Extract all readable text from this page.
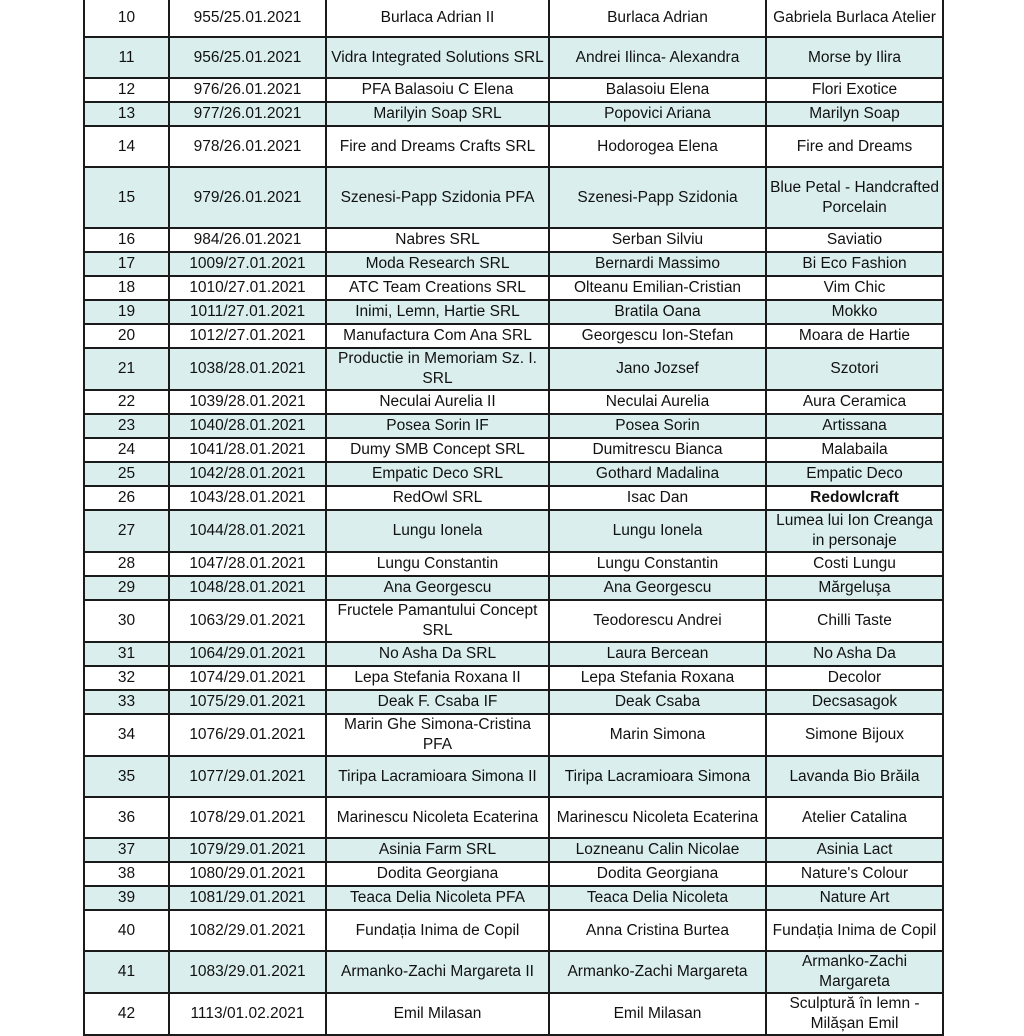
10	955/25.01.2021	Burlaca Adrian II	Burlaca Adrian	Gabriela Burlaca Atelier
11	956/25.01.2021	Vidra Integrated Solutions SRL	Andrei Ilinca- Alexandra	Morse by Ilira
12	976/26.01.2021	PFA Balasoiu C Elena	Balasoiu Elena	Flori Exotice
13	977/26.01.2021	Marilyin Soap SRL	Popovici Ariana	Marilyn Soap
14	978/26.01.2021	Fire and Dreams Crafts SRL	Hodorogea Elena	Fire and Dreams
15	979/26.01.2021	Szenesi-Papp Szidonia PFA	Szenesi-Papp Szidonia	Blue Petal - Handcrafted Porcelain
16	984/26.01.2021	Nabres SRL	Serban Silviu	Saviatio
17	1009/27.01.2021	Moda Research SRL	Bernardi Massimo	Bi Eco Fashion
18	1010/27.01.2021	ATC Team Creations SRL	Olteanu Emilian-Cristian	Vim Chic
19	1011/27.01.2021	Inimi, Lemn, Hartie SRL	Bratila Oana	Mokko
20	1012/27.01.2021	Manufactura Com Ana SRL	Georgescu Ion-Stefan	Moara de Hartie
21	1038/28.01.2021	Productie in Memoriam Sz. I. SRL	Jano Jozsef	Szotori
22	1039/28.01.2021	Neculai Aurelia II	Neculai Aurelia	Aura Ceramica
23	1040/28.01.2021	Posea Sorin IF	Posea Sorin	Artissana
24	1041/28.01.2021	Dumy SMB Concept SRL	Dumitrescu Bianca	Malabaila
25	1042/28.01.2021	Empatic Deco SRL	Gothard Madalina	Empatic Deco
26	1043/28.01.2021	RedOwl SRL	Isac Dan	Redowlcraft
27	1044/28.01.2021	Lungu Ionela	Lungu Ionela	Lumea lui Ion Creanga in personaje
28	1047/28.01.2021	Lungu Constantin	Lungu Constantin	Costi Lungu
29	1048/28.01.2021	Ana Georgescu	Ana Georgescu	Mărgeluşa
30	1063/29.01.2021	Fructele Pamantului Concept SRL	Teodorescu Andrei	Chilli Taste
31	1064/29.01.2021	No Asha Da SRL	Laura Bercean	No Asha Da
32	1074/29.01.2021	Lepa Stefania Roxana II	Lepa Stefania Roxana	Decolor
33	1075/29.01.2021	Deak F. Csaba IF	Deak Csaba	Decsasagok
34	1076/29.01.2021	Marin Ghe Simona-Cristina PFA	Marin Simona	Simone Bijoux
35	1077/29.01.2021	Tiripa Lacramioara Simona II	Tiripa Lacramioara Simona	Lavanda Bio Brăila
36	1078/29.01.2021	Marinescu Nicoleta Ecaterina	Marinescu Nicoleta Ecaterina	Atelier Catalina
37	1079/29.01.2021	Asinia Farm SRL	Lozneanu Calin Nicolae	Asinia Lact
38	1080/29.01.2021	Dodita Georgiana	Dodita Georgiana	Nature's Colour
39	1081/29.01.2021	Teaca Delia Nicoleta PFA	Teaca Delia Nicoleta	Nature Art
40	1082/29.01.2021	Fundația Inima de Copil	Anna Cristina Burtea	Fundația Inima de Copil
41	1083/29.01.2021	Armanko-Zachi Margareta II	Armanko-Zachi Margareta	Armanko-Zachi Margareta
42	1113/01.02.2021	Emil Milasan	Emil Milasan	Sculptură în lemn - Milășan Emil
